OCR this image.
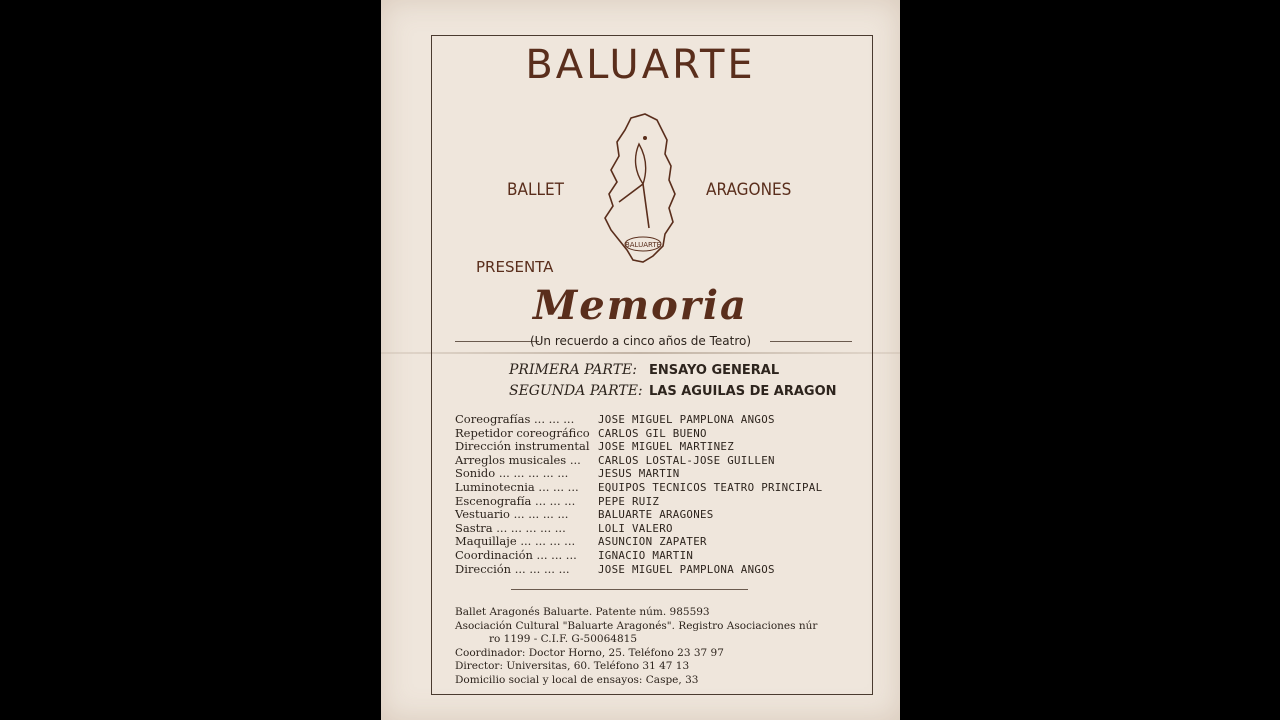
BALUARTE
BALLET	ARAGONES
BALUARTE
PRESENTA
Memoria
(Un recuerdo a cinco años de Teatro)
PRIMERA PARTE: ENSAYO GENERAL
SEGUNDA PARTE: LAS AGUILAS DE ARAGON
Coreografías ... ... ... JOSE MIGUEL PAMPLONA ANGOS
Repetidor coreográfico CARLOS GIL BUENO
Dirección instrumental JOSE MIGUEL MARTINEZ
Arreglos musicales ... CARLOS LOSTAL-JOSE GUILLEN
Sonido ... ... ... ... ...	JESUS MARTIN
Luminotecnia ... ... ... EQUIPOS TECNICOS TEATRO PRINCIPAL
Escenografía ... ... ... PEPE RUIZ
Vestuario ... ... ... ...	BALUARTE ARAGONES
Sastra ... ... ... ... ...	LOLI VALERO
Maquillaje ... ... ... ... ASUNCION ZAPATER
Coordinación ... ... ... IGNACIO MARTIN
Dirección ... ... ... ...	JOSE MIGUEL PAMPLONA ANGOS
Ballet Aragonés Baluarte. Patente núm. 985593
Asociación Cultural "Baluarte Aragonés". Registro Asociaciones núr
ro 1199 - C.I.F. G-50064815
Coordinador: Doctor Horno, 25. Teléfono 23 37 97
Director: Universitas, 60. Teléfono 31 47 13
Domicilio social y local de ensayos: Caspe, 33
